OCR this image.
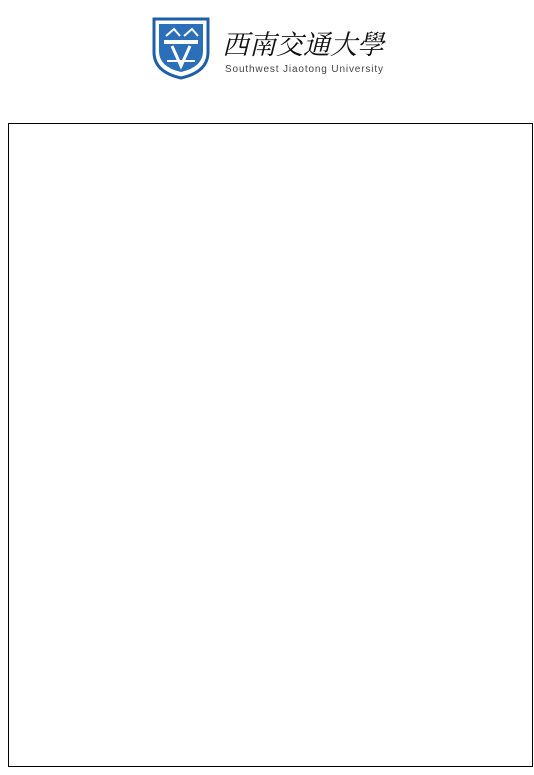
西南交通大學
Southwest Jiaotong University
